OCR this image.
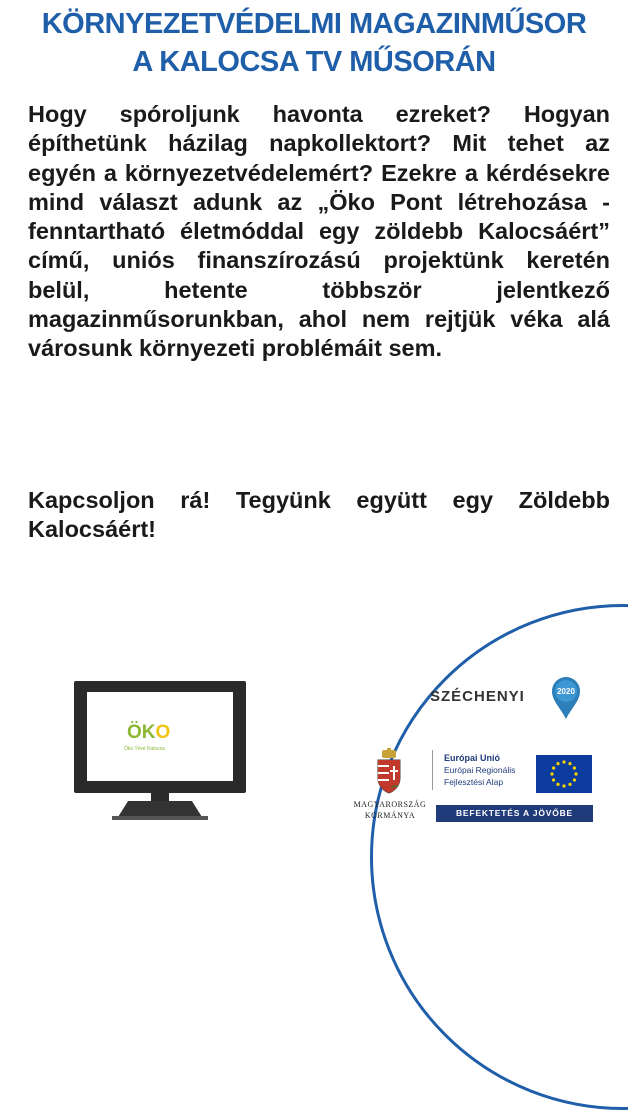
KÖRNYEZETVÉDELMI MAGAZINMŰSOR
A KALOCSA TV MŰSORÁN

Hogy spóroljunk havonta ezreket? Hogyan építhetünk házilag napkollektort? Mit tehet az egyén a környezetvédelemért? Ezekre a kérdésekre mind választ adunk az „Öko Pont létrehozása - fenntartható életmóddal egy zöldebb Kalocsáért” című, uniós finanszírozású projektünk keretén belül, hetente többször jelentkező magazinműsorunkban, ahol nem rejtjük véka alá városunk környezeti problémáit sem.

Kapcsoljon rá! Tegyünk együtt egy Zöldebb Kalocsáért!

ÖKO
Öko Tévé Kalocsa
SZÉCHENYI	2020
MAGYARORSZÁG
KORMÁNYA
Európai Unió
Európai Regionális
Fejlesztési Alap
BEFEKTETÉS A JÖVŐBE
